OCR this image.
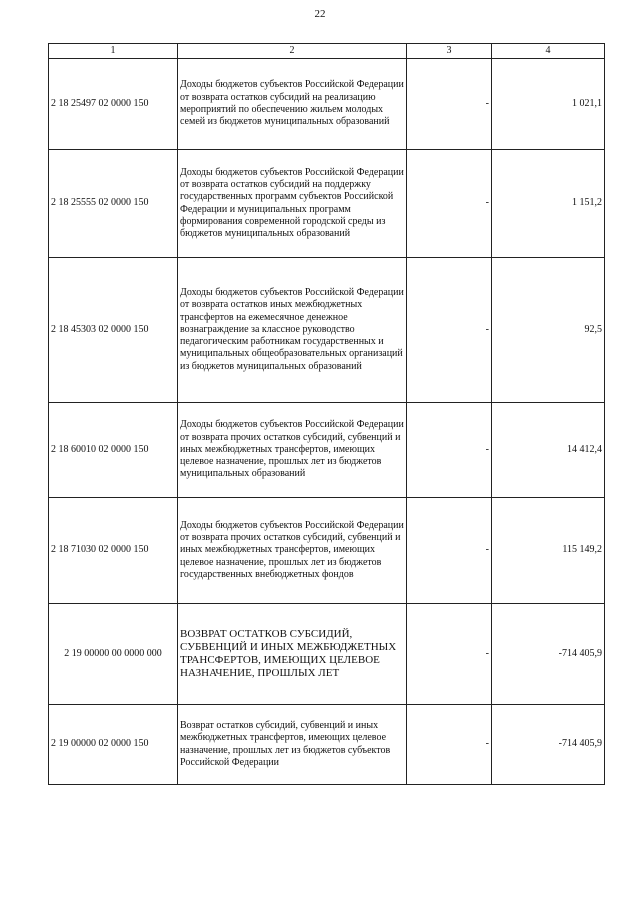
22
1	2	3	4
2 18 25497 02 0000 150	Доходы бюджетов субъектов Российской Федерации от возврата остатков субсидий на реализацию мероприятий по обеспечению жильем молодых семей из бюджетов муниципальных образований	-	1 021,1
2 18 25555 02 0000 150	Доходы бюджетов субъектов Российской Федерации от возврата остатков субсидий на поддержку государственных программ субъектов Российской Федерации и муниципальных программ формирования современной городской среды из бюджетов муниципальных образований	-	1 151,2
2 18 45303 02 0000 150	Доходы бюджетов субъектов Российской Федерации от возврата остатков иных межбюджетных трансфертов на ежемесячное денежное вознаграждение за классное руководство педагогическим работникам государственных и муниципальных общеобразовательных организаций из бюджетов муниципальных образований	-	92,5
2 18 60010 02 0000 150	Доходы бюджетов субъектов Российской Федерации от возврата прочих остатков субсидий, субвенций и иных межбюджетных трансфертов, имеющих целевое назначение, прошлых лет из бюджетов муниципальных образований	-	14 412,4
2 18 71030 02 0000 150	Доходы бюджетов субъектов Российской Федерации от возврата прочих остатков субсидий, субвенций и иных межбюджетных трансфертов, имеющих целевое назначение, прошлых лет из бюджетов государственных внебюджетных фондов	-	115 149,2
2 19 00000 00 0000 000	ВОЗВРАТ ОСТАТКОВ СУБСИДИЙ, СУБВЕНЦИЙ И ИНЫХ МЕЖБЮДЖЕТНЫХ ТРАНСФЕРТОВ, ИМЕЮЩИХ ЦЕЛЕВОЕ НАЗНАЧЕНИЕ, ПРОШЛЫХ ЛЕТ	-	-714 405,9
2 19 00000 02 0000 150	Возврат остатков субсидий, субвенций и иных межбюджетных трансфертов, имеющих целевое назначение, прошлых лет из бюджетов субъектов Российской Федерации	-	-714 405,9
